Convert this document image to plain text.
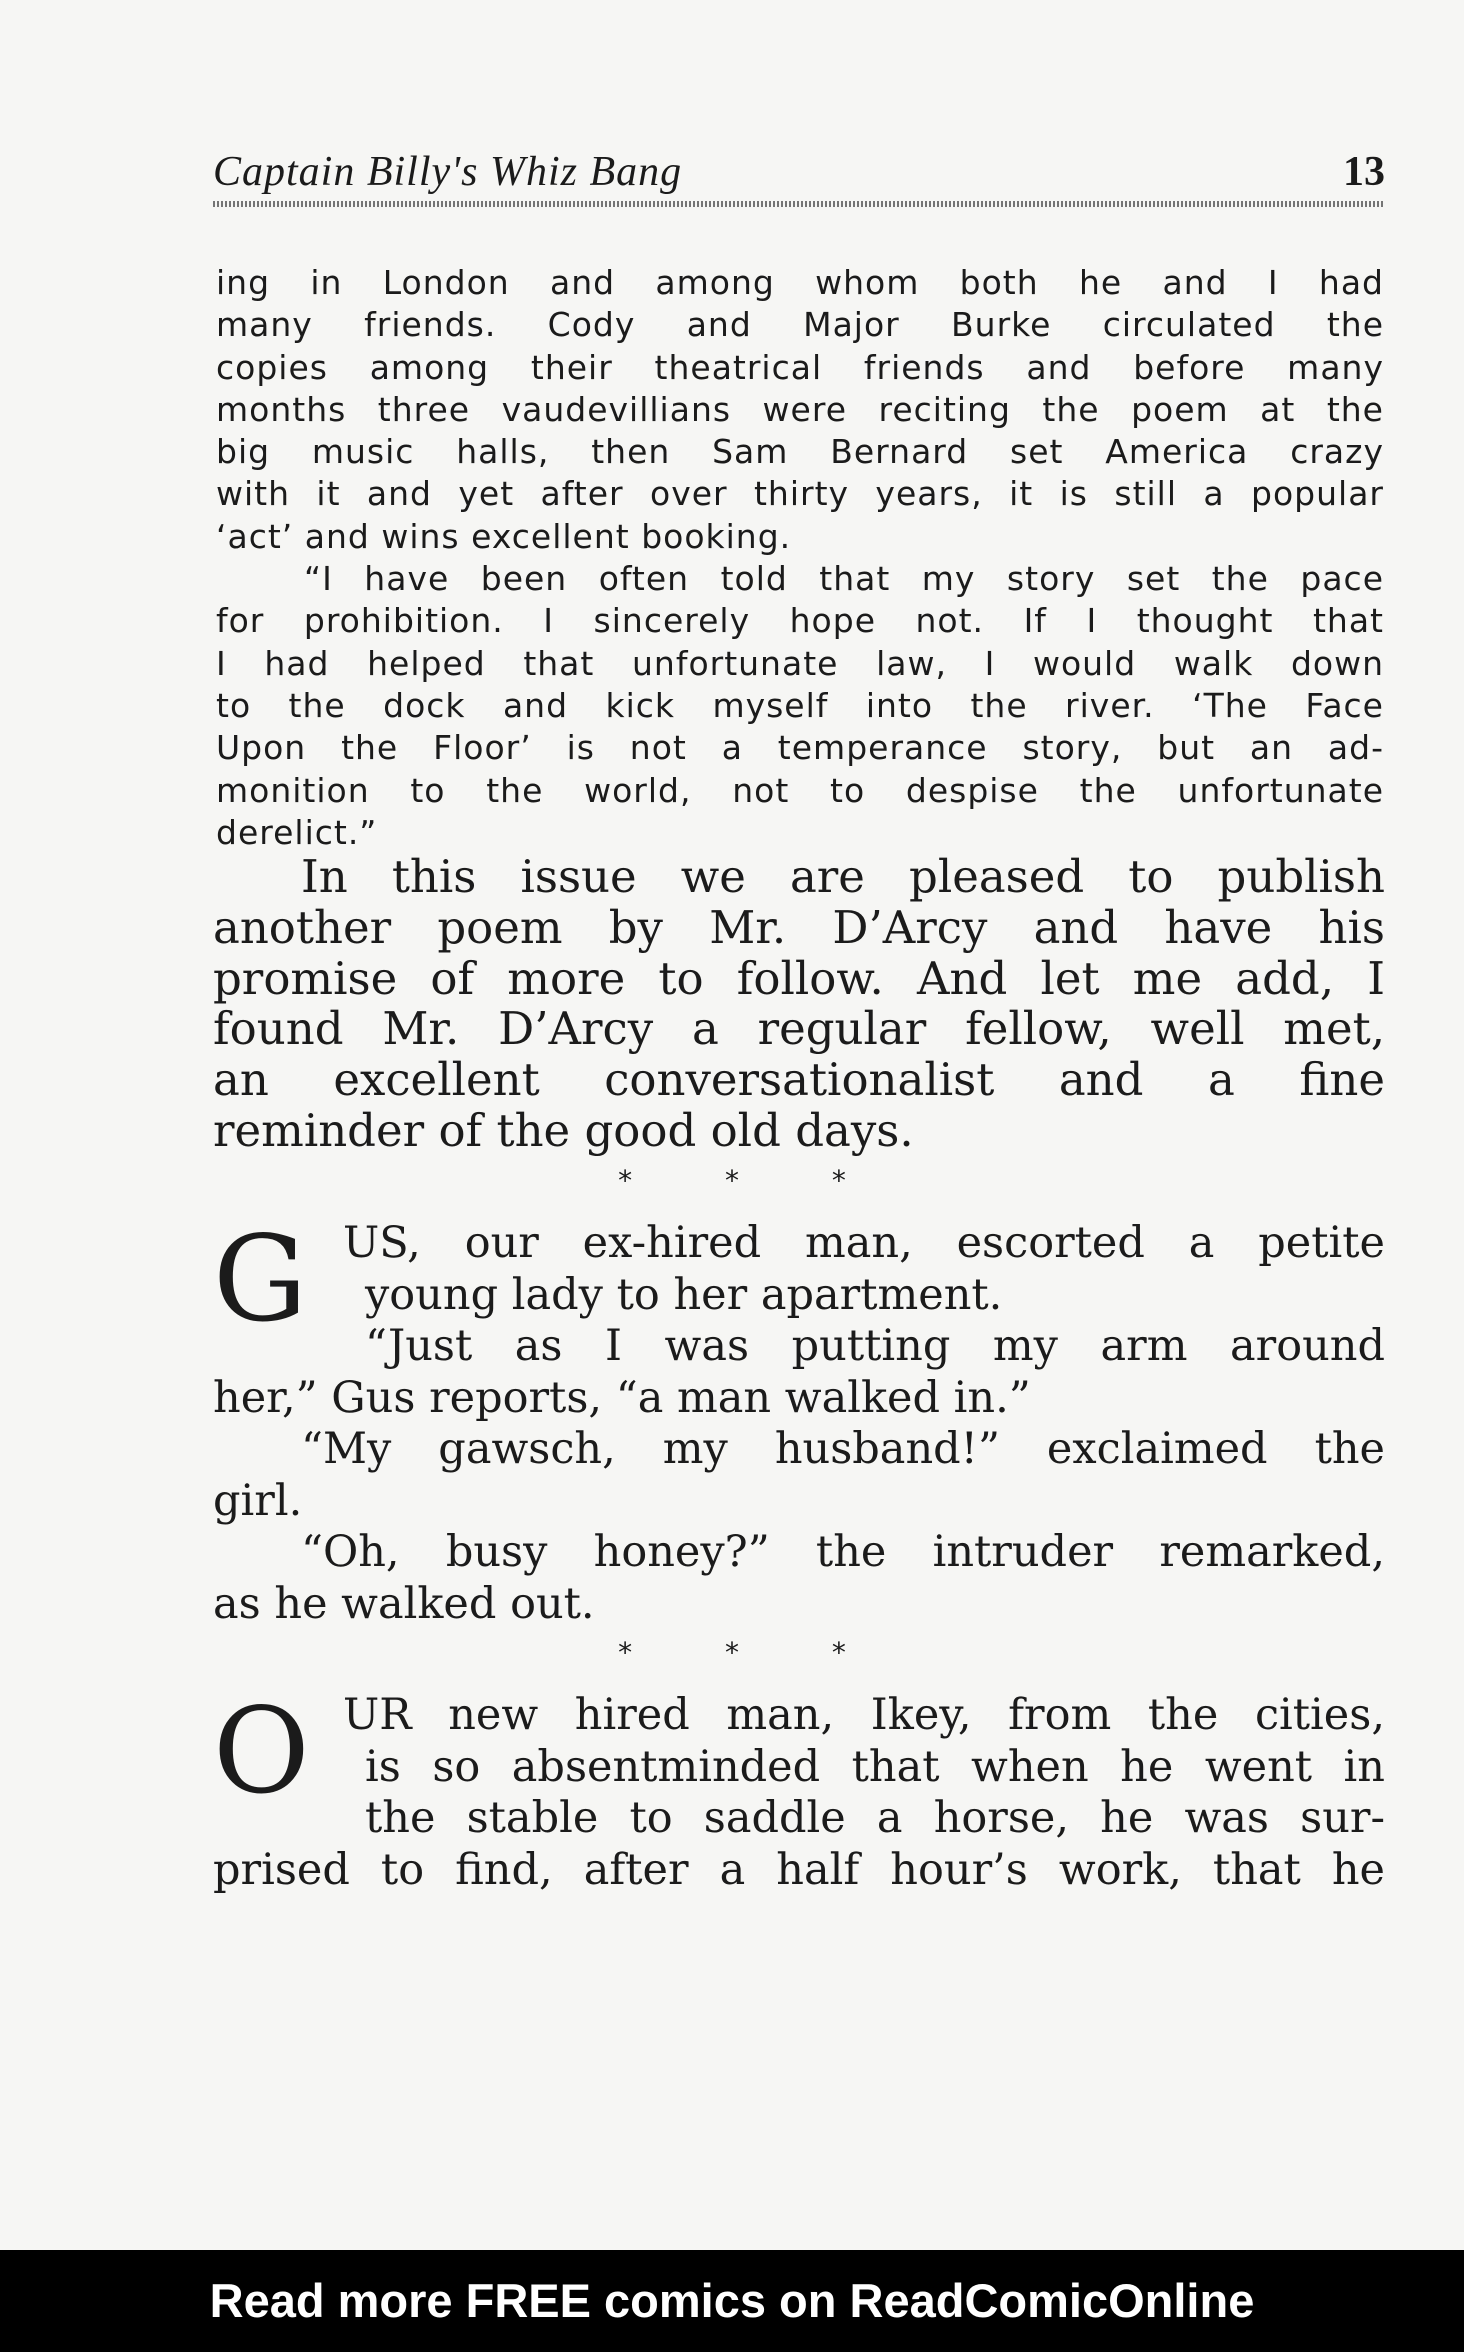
Captain Billy's Whiz Bang	13
ing in London and among whom both he and I had
many friends. Cody and Major Burke circulated the
copies among their theatrical friends and before many
months three vaudevillians were reciting the poem at the
big music halls, then Sam Bernard set America crazy
with it and yet after over thirty years, it is still a popular
‘act’ and wins excellent booking.
“I have been often told that my story set the pace
for prohibition. I sincerely hope not. If I thought that
I had helped that unfortunate law, I would walk down
to the dock and kick myself into the river. ‘The Face
Upon the Floor’ is not a temperance story, but an ad-
monition to the world, not to despise the unfortunate
derelict.”
In this issue we are pleased to publish
another poem by Mr. D’Arcy and have his
promise of more to follow. And let me add, I
found Mr. D’Arcy a regular fellow, well met,
an excellent conversationalist and a fine
reminder of the good old days.
* * *
G US, our ex-hired man, escorted a petite
young lady to her apartment.
“Just as I was putting my arm around
her,” Gus reports, “a man walked in.”
“My gawsch, my husband!” exclaimed the
girl.
“Oh, busy honey?” the intruder remarked,
as he walked out.
* * *
O UR new hired man, Ikey, from the cities,
is so absentminded that when he went in
the stable to saddle a horse, he was sur-
prised to find, after a half hour’s work, that he
Read more FREE comics on ReadComicOnline
